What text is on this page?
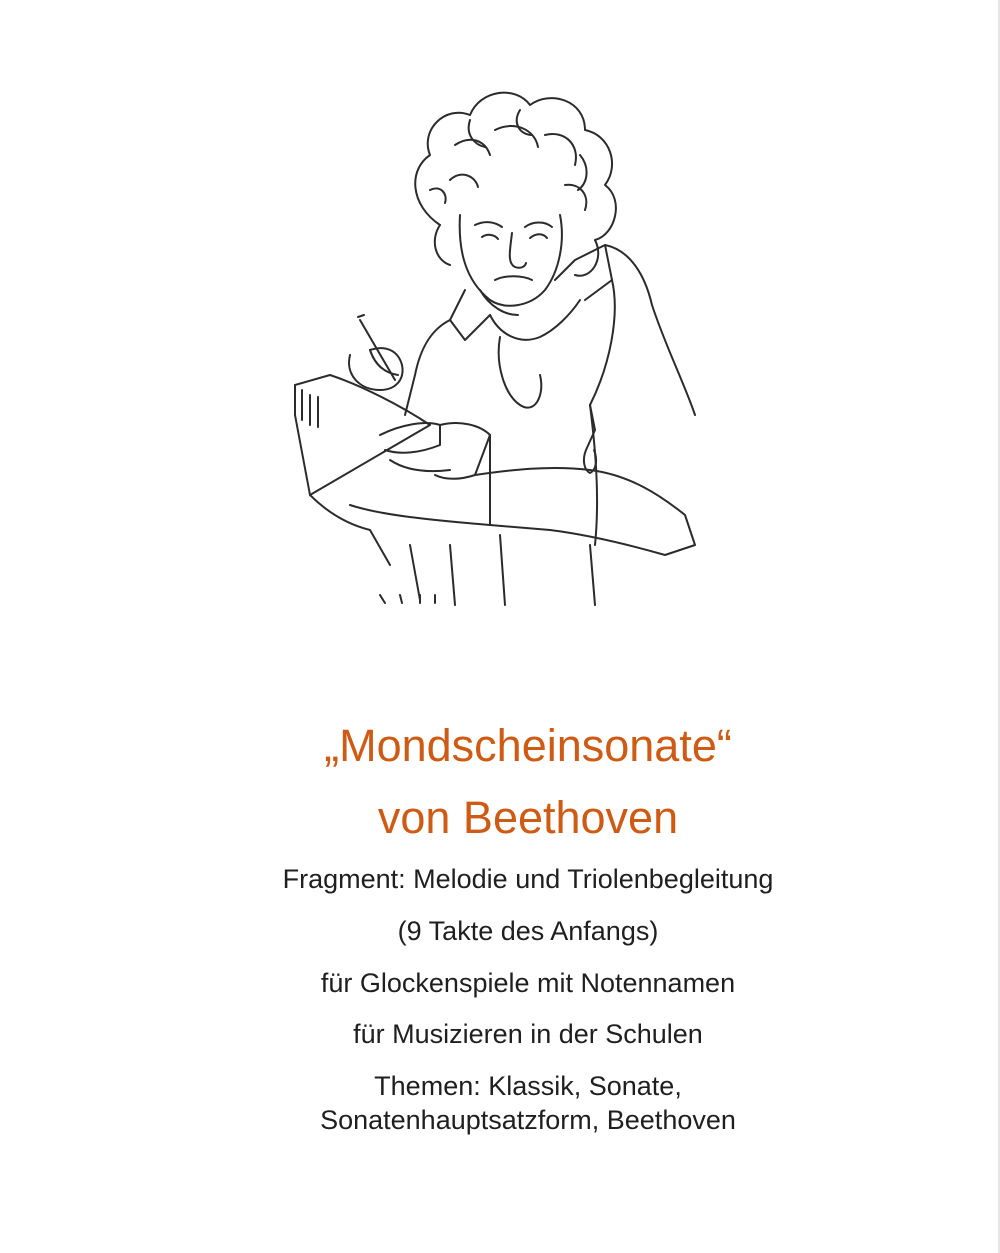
„Mondscheinsonate“
von Beethoven
Fragment: Melodie und Triolenbegleitung
(9 Takte des Anfangs)
für Glockenspiele mit Notennamen
für Musizieren in der Schulen
Themen: Klassik, Sonate,
Sonatenhauptsatzform, Beethoven
